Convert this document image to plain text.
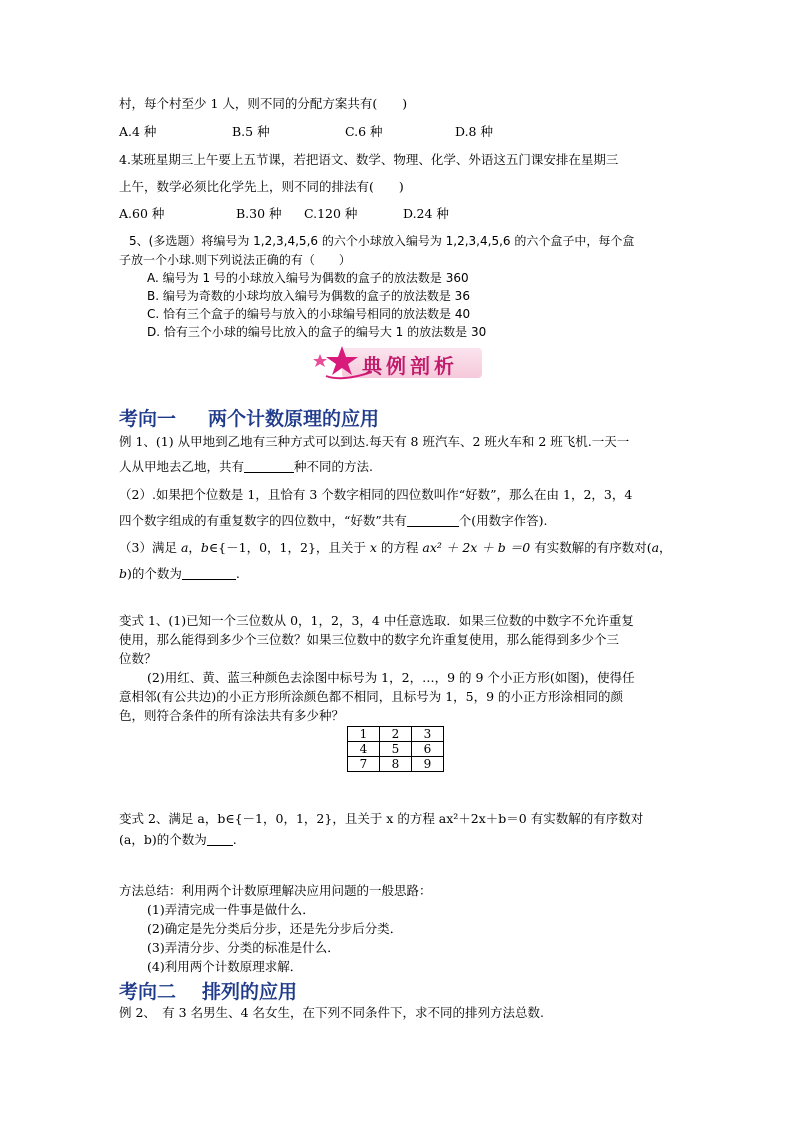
村，每个村至少 1 人，则不同的分配方案共有(　　)
A.4 种	B.5 种	C.6 种	D.8 种
4.某班星期三上午要上五节课，若把语文、数学、物理、化学、外语这五门课安排在星期三
上午，数学必须比化学先上，则不同的排法有(　　)
A.60 种	B.30 种 C.120 种	D.24 种
5、(多选题）将编号为 1,2,3,4,5,6 的六个小球放入编号为 1,2,3,4,5,6 的六个盒子中，每个盒
子放一个小球.则下列说法正确的有（　　）
A. 编号为 1 号的小球放入编号为偶数的盒子的放法数是 360
B. 编号为奇数的小球均放入编号为偶数的盒子的放法数是 36
C. 恰有三个盒子的编号与放入的小球编号相同的放法数是 40
D. 恰有三个小球的编号比放入的盒子的编号大 1 的放法数是 30
典例剖析
考向一 两个计数原理的应用
例 1、(1) 从甲地到乙地有三种方式可以到达.每天有 8 班汽车、2 班火车和 2 班飞机.一天一
人从甲地去乙地，共有	种不同的方法.
（2）.如果把个位数是 1，且恰有 3 个数字相同的四位数叫作“好数”，那么在由 1，2，3，4
四个数字组成的有重复数字的四位数中，“好数”共有	个(用数字作答).
（3）满足 a，b∈{－1，0，1，2}，且关于 x 的方程 ax² ＋ 2x ＋ b ＝0 有实数解的有序数对(a，
b)的个数为	.
变式 1、(1)已知一个三位数从 0，1，2，3，4 中任意选取．如果三位数的中数字不允许重复
使用，那么能得到多少个三位数？如果三位数中的数字允许重复使用，那么能得到多少个三
位数？
(2)用红、黄、蓝三种颜色去涂图中标号为 1，2，…，9 的 9 个小正方形(如图)，使得任
意相邻(有公共边)的小正方形所涂颜色都不相同，且标号为 1，5，9 的小正方形涂相同的颜
色，则符合条件的所有涂法共有多少种？
1	2	3
4	5	6
7	8	9
变式 2、满足 a，b∈{－1，0，1，2}，且关于 x 的方程 ax²＋2x＋b＝0 有实数解的有序数对
(a，b)的个数为 .
方法总结：利用两个计数原理解决应用问题的一般思路：
(1)弄清完成一件事是做什么．
(2)确定是先分类后分步，还是先分步后分类．
(3)弄清分步、分类的标准是什么．
(4)利用两个计数原理求解．
考向二 排列的应用
例 2、　有 3 名男生、4 名女生，在下列不同条件下，求不同的排列方法总数.
